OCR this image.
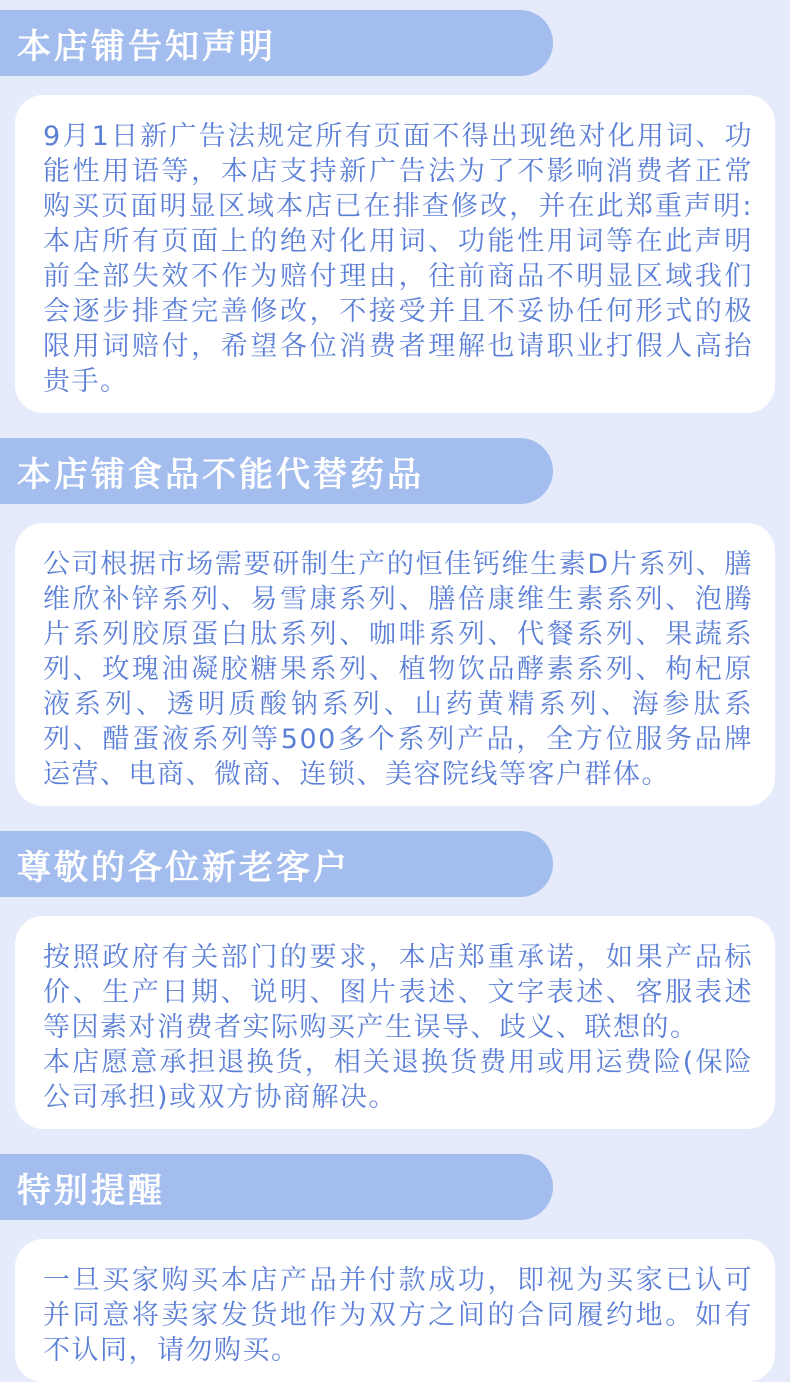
本店铺告知声明

9月1日新广告法规定所有页面不得出现绝对化用词、功能性用语等，本店支持新广告法为了不影响消费者正常购买页面明显区域本店已在排查修改，并在此郑重声明:本店所有页面上的绝对化用词、功能性用词等在此声明前全部失效不作为赔付理由，往前商品不明显区域我们会逐步排查完善修改，不接受并且不妥协任何形式的极限用词赔付，希望各位消费者理解也请职业打假人高抬贵手。

本店铺食品不能代替药品

公司根据市场需要研制生产的恒佳钙维生素D片系列、膳维欣补锌系列、易雪康系列、膳倍康维生素系列、泡腾片系列胶原蛋白肽系列、咖啡系列、代餐系列、果蔬系列、玫瑰油凝胶糖果系列、植物饮品酵素系列、枸杞原液系列、透明质酸钠系列、山药黄精系列、海参肽系列、醋蛋液系列等500多个系列产品，全方位服务品牌运营、电商、微商、连锁、美容院线等客户群体。

尊敬的各位新老客户

按照政府有关部门的要求，本店郑重承诺，如果产品标价、生产日期、说明、图片表述、文字表述、客服表述等因素对消费者实际购买产生误导、歧义、联想的。

本店愿意承担退换货，相关退换货费用或用运费险(保险公司承担)或双方协商解决。

特别提醒

一旦买家购买本店产品并付款成功，即视为买家已认可并同意将卖家发货地作为双方之间的合同履约地。如有不认同，请勿购买。
